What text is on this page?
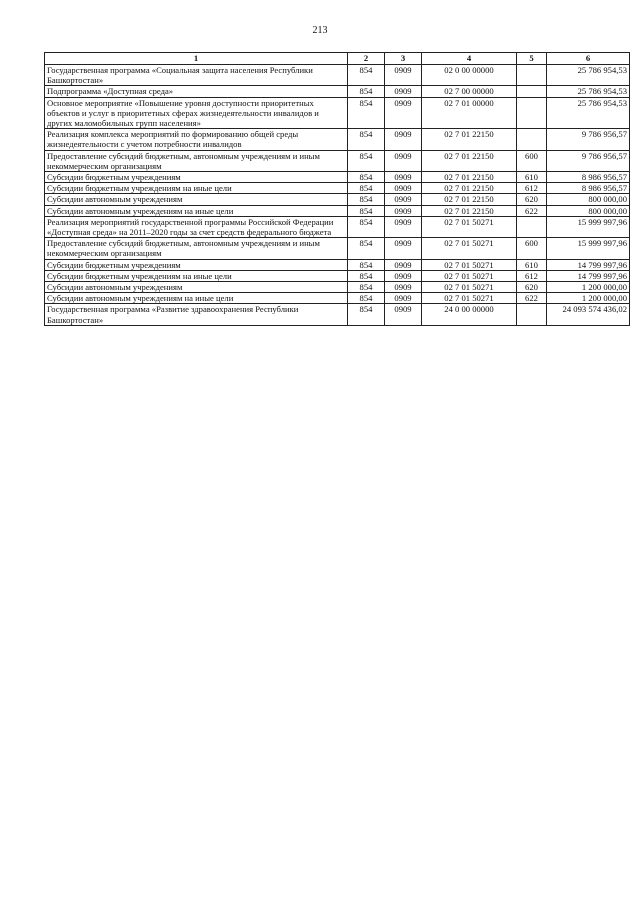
213
1	2	3	4	5	6
Государственная программа «Социальная защита населения Республики Башкортостан»	854	0909	02 0 00 00000		25 786 954,53
Подпрограмма «Доступная среда»	854	0909	02 7 00 00000		25 786 954,53
Основное мероприятие «Повышение уровня доступности приоритетных объектов и услуг в приоритетных сферах жизнедеятельности инвалидов и других маломобильных групп населения»	854	0909	02 7 01 00000		25 786 954,53
Реализация комплекса мероприятий по формированию общей среды жизнедеятельности с учетом потребности инвалидов	854	0909	02 7 01 22150		9 786 956,57
Предоставление субсидий бюджетным, автономным учреждениям и иным некоммерческим организациям	854	0909	02 7 01 22150	600	9 786 956,57
Субсидии бюджетным учреждениям	854	0909	02 7 01 22150	610	8 986 956,57
Субсидии бюджетным учреждениям на иные цели	854	0909	02 7 01 22150	612	8 986 956,57
Субсидии автономным учреждениям	854	0909	02 7 01 22150	620	800 000,00
Субсидии автономным учреждениям на иные цели	854	0909	02 7 01 22150	622	800 000,00
Реализация мероприятий государственной программы Российской Федерации «Доступная среда» на 2011–2020 годы за счет средств федерального бюджета	854	0909	02 7 01 50271		15 999 997,96
Предоставление субсидий бюджетным, автономным учреждениям и иным некоммерческим организациям	854	0909	02 7 01 50271	600	15 999 997,96
Субсидии бюджетным учреждениям	854	0909	02 7 01 50271	610	14 799 997,96
Субсидии бюджетным учреждениям на иные цели	854	0909	02 7 01 50271	612	14 799 997,96
Субсидии автономным учреждениям	854	0909	02 7 01 50271	620	1 200 000,00
Субсидии автономным учреждениям на иные цели	854	0909	02 7 01 50271	622	1 200 000,00
Государственная программа «Развитие здравоохранения Республики Башкортостан»	854	0909	24 0 00 00000		24 093 574 436,02
